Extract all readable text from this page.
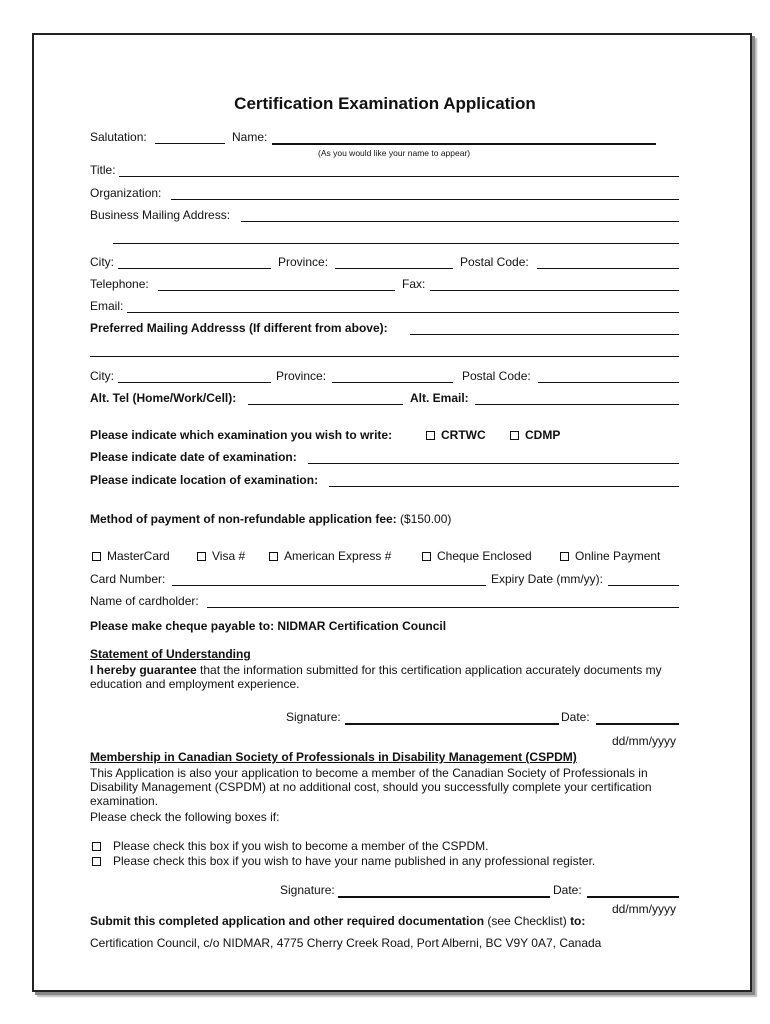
Certification Examination Application
Salutation:	Name:
(As you would like your name to appear)
Title:
Organization:
Business Mailing Address:
City:	Province:	Postal Code:
Telephone:	Fax:
Email:
Preferred Mailing Addresss (If different from above):
City:	Province:	Postal Code:
Alt. Tel (Home/Work/Cell):	Alt. Email:
Please indicate which examination you wish to write:	CRTWC	CDMP
Please indicate date of examination:
Please indicate location of examination:
Method of payment of non-refundable application fee: ($150.00)
MasterCard	Visa #	American Express #	Cheque Enclosed	Online Payment
Card Number:	Expiry Date (mm/yy):
Name of cardholder:
Please make cheque payable to: NIDMAR Certification Council
Statement of Understanding
I hereby guarantee that the information submitted for this certification application accurately documents my education and employment experience.
Signature:	Date:
dd/mm/yyyy
Membership in Canadian Society of Professionals in Disability Management (CSPDM)
This Application is also your application to become a member of the Canadian Society of Professionals in Disability Management (CSPDM) at no additional cost, should you successfully complete your certification examination.
Please check the following boxes if:
Please check this box if you wish to become a member of the CSPDM.
Please check this box if you wish to have your name published in any professional register.
Signature:	Date:
dd/mm/yyyy
Submit this completed application and other required documentation (see Checklist) to:
Certification Council, c/o NIDMAR, 4775 Cherry Creek Road, Port Alberni, BC V9Y 0A7, Canada
